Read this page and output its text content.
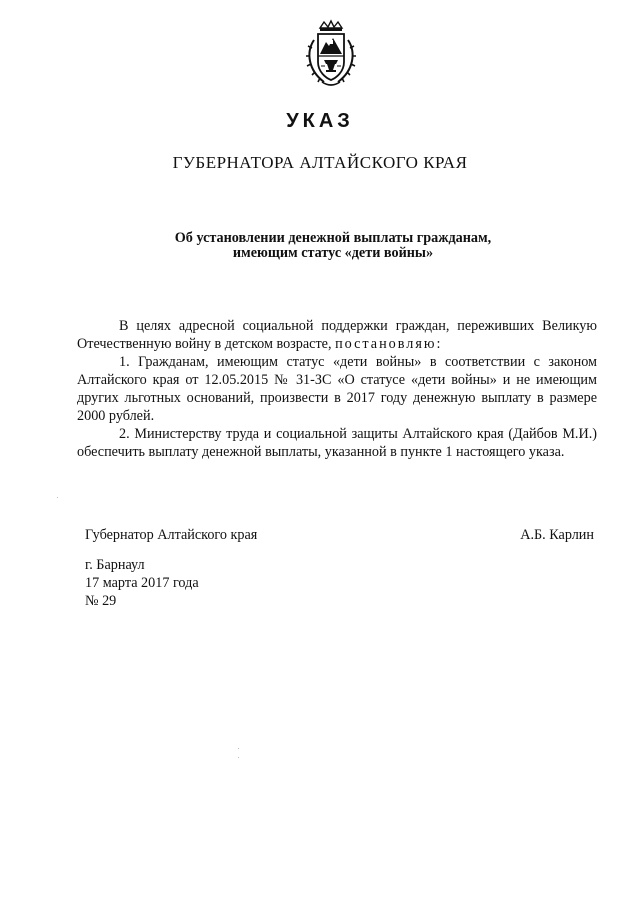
УКАЗ
ГУБЕРНАТОРА АЛТАЙСКОГО КРАЯ
Об установлении денежной выплаты гражданам,
имеющим статус «дети войны»

В целях адресной социальной поддержки граждан, переживших Великую Отечественную войну в детском возрасте, постановляю:

1. Гражданам, имеющим статус «дети войны» в соответствии с законом Алтайского края от 12.05.2015 № 31-ЗС «О статусе «дети войны» и не имеющим других льготных оснований, произвести в 2017 году денежную выплату в размере 2000 рублей.

2. Министерству труда и социальной защиты Алтайского края (Дайбов М.И.) обеспечить выплату денежной выплаты, указанной в пункте 1 настоящего указа.

Губернатор Алтайского края	А.Б. Карлин
г. Барнаул
17 марта 2017 года
№ 29
